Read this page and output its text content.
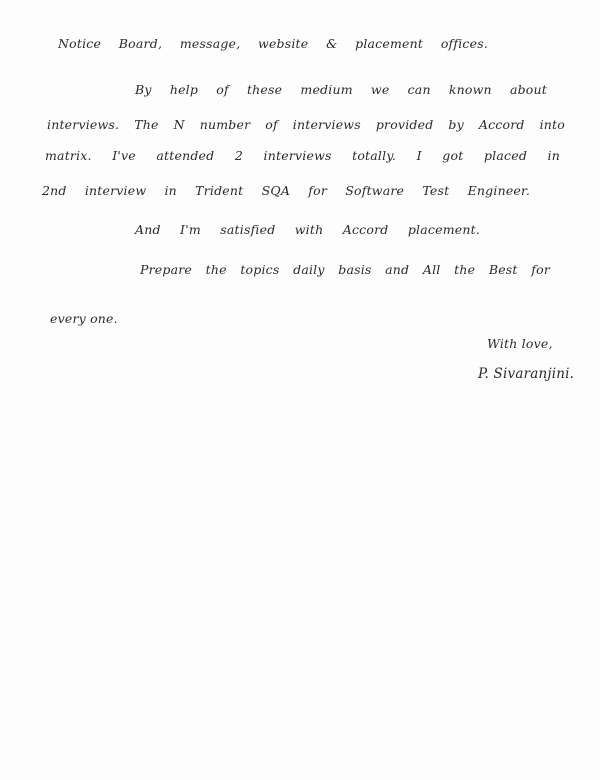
Notice Board, message, website & placement offices.
By help of these medium we can known about
interviews. The N number of interviews provided by Accord into
matrix. I've attended 2 interviews totally. I got placed in
2nd interview in Trident SQA for Software Test Engineer.
And I'm satisfied with Accord placement.
Prepare the topics daily basis and All the Best for
every one.
With love,
P. Sivaranjini.
